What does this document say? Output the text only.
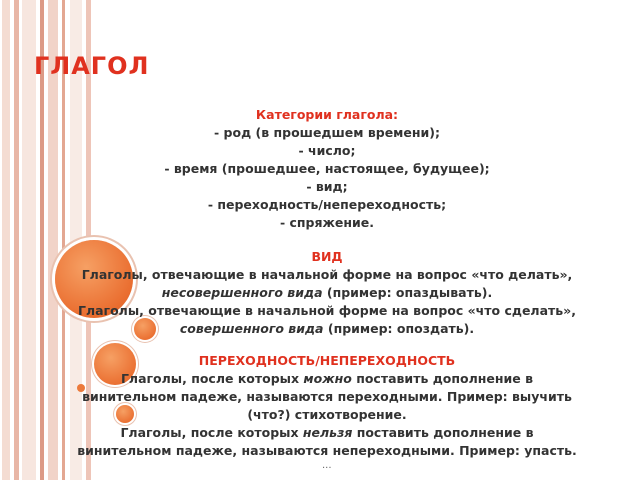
ГЛАГОЛ
Категории глагола:
- род (в прошедшем времени);
- число;
- время (прошедшее, настоящее, будущее);
- вид;
- переходность/непереходность;
- спряжение.
ВИД
Глаголы, отвечающие в начальной форме на вопрос «что делать»,
несовершенного вида (пример: опаздывать).
Глаголы, отвечающие в начальной форме на вопрос «что сделать»,
совершенного вида (пример: опоздать).
ПЕРЕХОДНОСТЬ/НЕПЕРЕХОДНОСТЬ
Глаголы, после которых можно поставить дополнение в
винительном падеже, называются переходными. Пример: выучить
(что?) стихотворение.
Глаголы, после которых нельзя поставить дополнение в
винительном падеже, называются непереходными. Пример: упасть.
...
